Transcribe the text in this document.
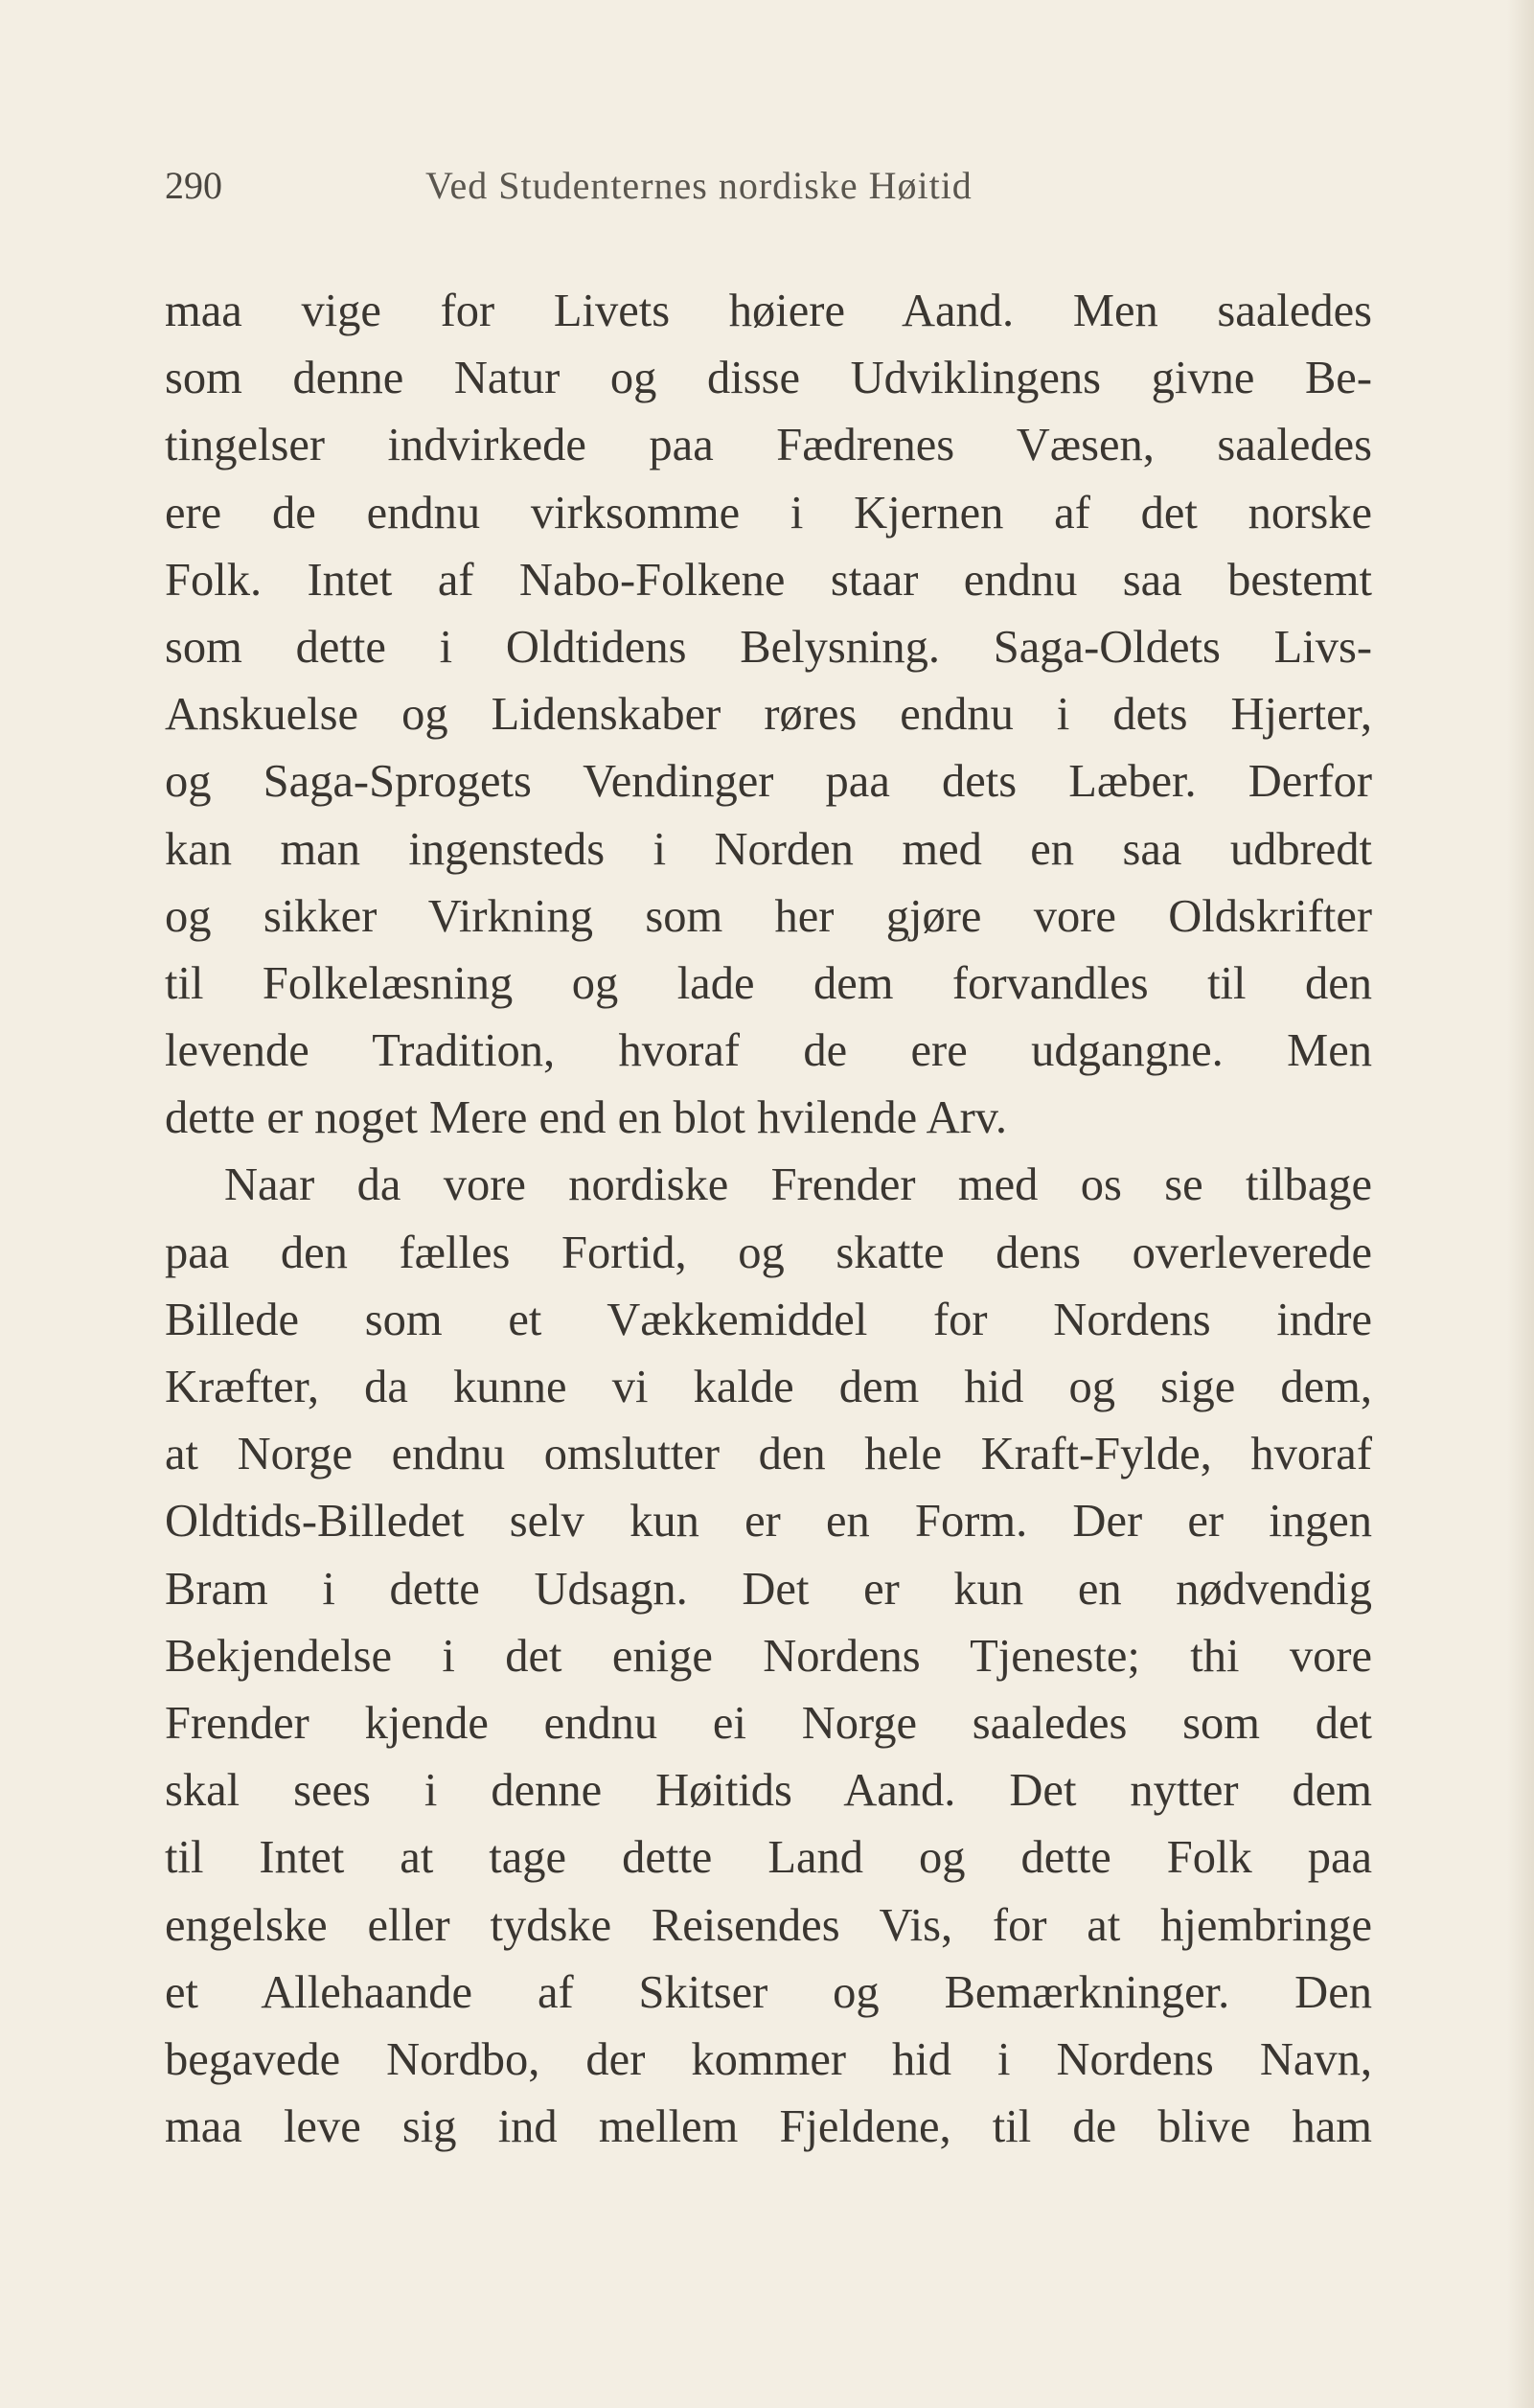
290	Ved Studenternes nordiske Høitid
maa vige for Livets høiere Aand. Men saaledes
som denne Natur og disse Udviklingens givne Be-
tingelser indvirkede paa Fædrenes Væsen, saaledes
ere de endnu virksomme i Kjernen af det norske
Folk. Intet af Nabo-Folkene staar endnu saa bestemt
som dette i Oldtidens Belysning. Saga-Oldets Livs-
Anskuelse og Lidenskaber røres endnu i dets Hjerter,
og Saga-Sprogets Vendinger paa dets Læber. Derfor
kan man ingensteds i Norden med en saa udbredt
og sikker Virkning som her gjøre vore Oldskrifter
til Folkelæsning og lade dem forvandles til den
levende Tradition, hvoraf de ere udgangne. Men
dette er noget Mere end en blot hvilende Arv.
Naar da vore nordiske Frender med os se tilbage
paa den fælles Fortid, og skatte dens overleverede
Billede som et Vækkemiddel for Nordens indre
Kræfter, da kunne vi kalde dem hid og sige dem,
at Norge endnu omslutter den hele Kraft-Fylde, hvoraf
Oldtids-Billedet selv kun er en Form. Der er ingen
Bram i dette Udsagn. Det er kun en nødvendig
Bekjendelse i det enige Nordens Tjeneste; thi vore
Frender kjende endnu ei Norge saaledes som det
skal sees i denne Høitids Aand. Det nytter dem
til Intet at tage dette Land og dette Folk paa
engelske eller tydske Reisendes Vis, for at hjembringe
et Allehaande af Skitser og Bemærkninger. Den
begavede Nordbo, der kommer hid i Nordens Navn,
maa leve sig ind mellem Fjeldene, til de blive ham
